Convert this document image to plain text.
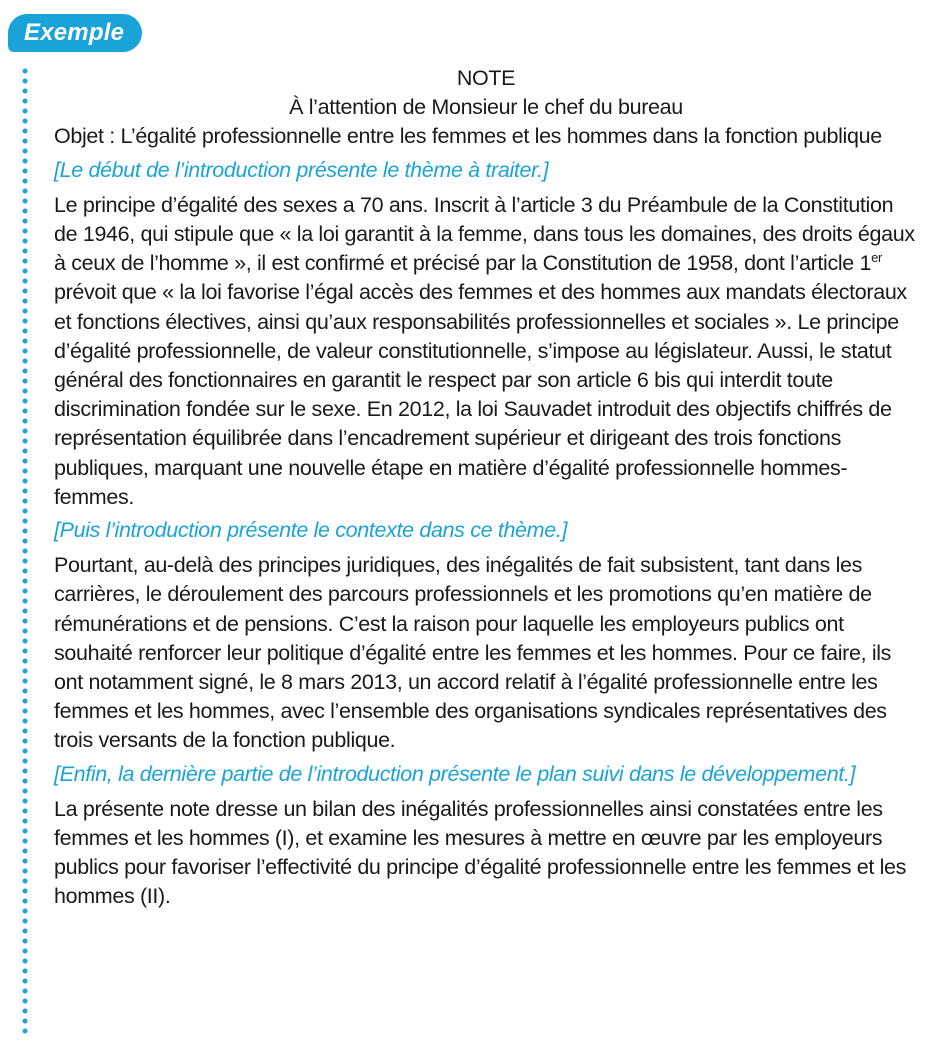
Exemple
NOTE
À l’attention de Monsieur le chef du bureau
Objet : L’égalité professionnelle entre les femmes et les hommes dans la fonction publique
[Le début de l’introduction présente le thème à traiter.]

Le principe d’égalité des sexes a 70 ans. Inscrit à l’article 3 du Préambule de la Constitution de 1946, qui stipule que « la loi garantit à la femme, dans tous les domaines, des droits égaux à ceux de l’homme », il est confirmé et précisé par la Constitution de 1958, dont l’article 1er prévoit que « la loi favorise l’égal accès des femmes et des hommes aux mandats électoraux et fonctions électives, ainsi qu’aux responsabilités professionnelles et sociales ». Le principe d’égalité professionnelle, de valeur constitutionnelle, s’impose au législateur. Aussi, le statut général des fonctionnaires en garantit le respect par son article 6 bis qui interdit toute discrimination fondée sur le sexe. En 2012, la loi Sauvadet introduit des objectifs chiffrés de représentation équilibrée dans l’encadrement supérieur et dirigeant des trois fonctions publiques, marquant une nouvelle étape en matière d’égalité professionnelle hommes-femmes.

[Puis l’introduction présente le contexte dans ce thème.]

Pourtant, au-delà des principes juridiques, des inégalités de fait subsistent, tant dans les carrières, le déroulement des parcours professionnels et les promotions qu’en matière de rémunérations et de pensions. C’est la raison pour laquelle les employeurs publics ont souhaité renforcer leur politique d’égalité entre les femmes et les hommes. Pour ce faire, ils ont notamment signé, le 8 mars 2013, un accord relatif à l’égalité professionnelle entre les femmes et les hommes, avec l’ensemble des organisations syndicales représentatives des trois versants de la fonction publique.

[Enfin, la dernière partie de l’introduction présente le plan suivi dans le développement.]

La présente note dresse un bilan des inégalités professionnelles ainsi constatées entre les femmes et les hommes (I), et examine les mesures à mettre en œuvre par les employeurs publics pour favoriser l’effectivité du principe d’égalité professionnelle entre les femmes et les hommes (II).
